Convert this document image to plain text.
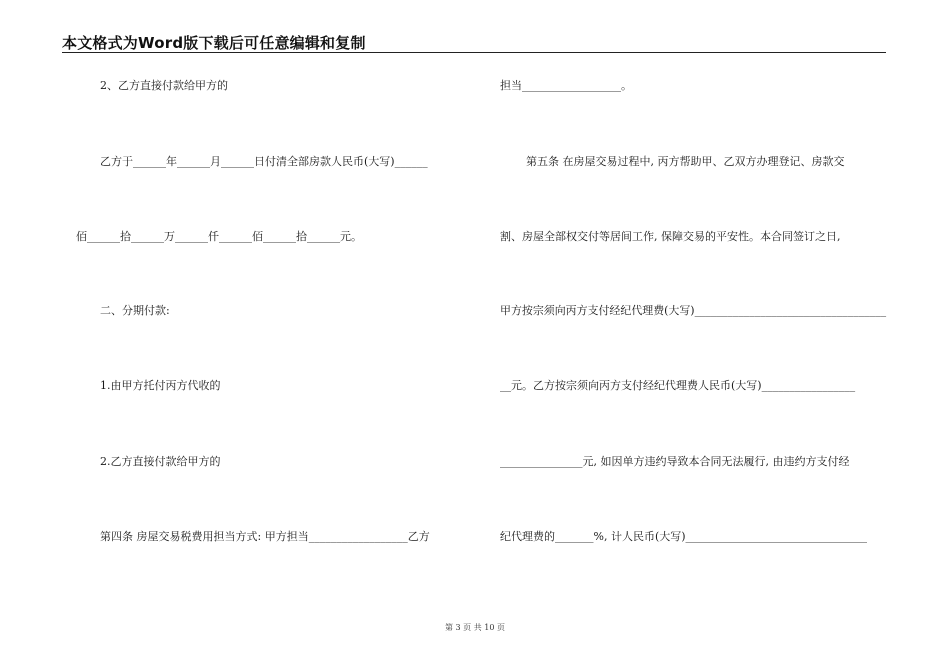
本文格式为Word版下载后可任意编辑和复制
2、乙方直接付款给甲方的
乙方于______年______月______日付清全部房款人民币(大写)______
佰______拾______万______仟______佰______拾______元。
二、分期付款:
1.由甲方托付丙方代收的
2.乙方直接付款给甲方的
第四条 房屋交易税费用担当方式: 甲方担当__________________乙方
担当__________________。
第五条 在房屋交易过程中, 丙方帮助甲、乙双方办理登记、房款交
割、房屋全部权交付等居间工作, 保障交易的平安性。本合同签订之日,
甲方按宗须向丙方支付经纪代理费(大写)___________________________________
__元。乙方按宗须向丙方支付经纪代理费人民币(大写)_________________
_______________元, 如因单方违约导致本合同无法履行, 由违约方支付经
纪代理费的_______%, 计人民币(大写)_________________________________
第 3 页 共 10 页
